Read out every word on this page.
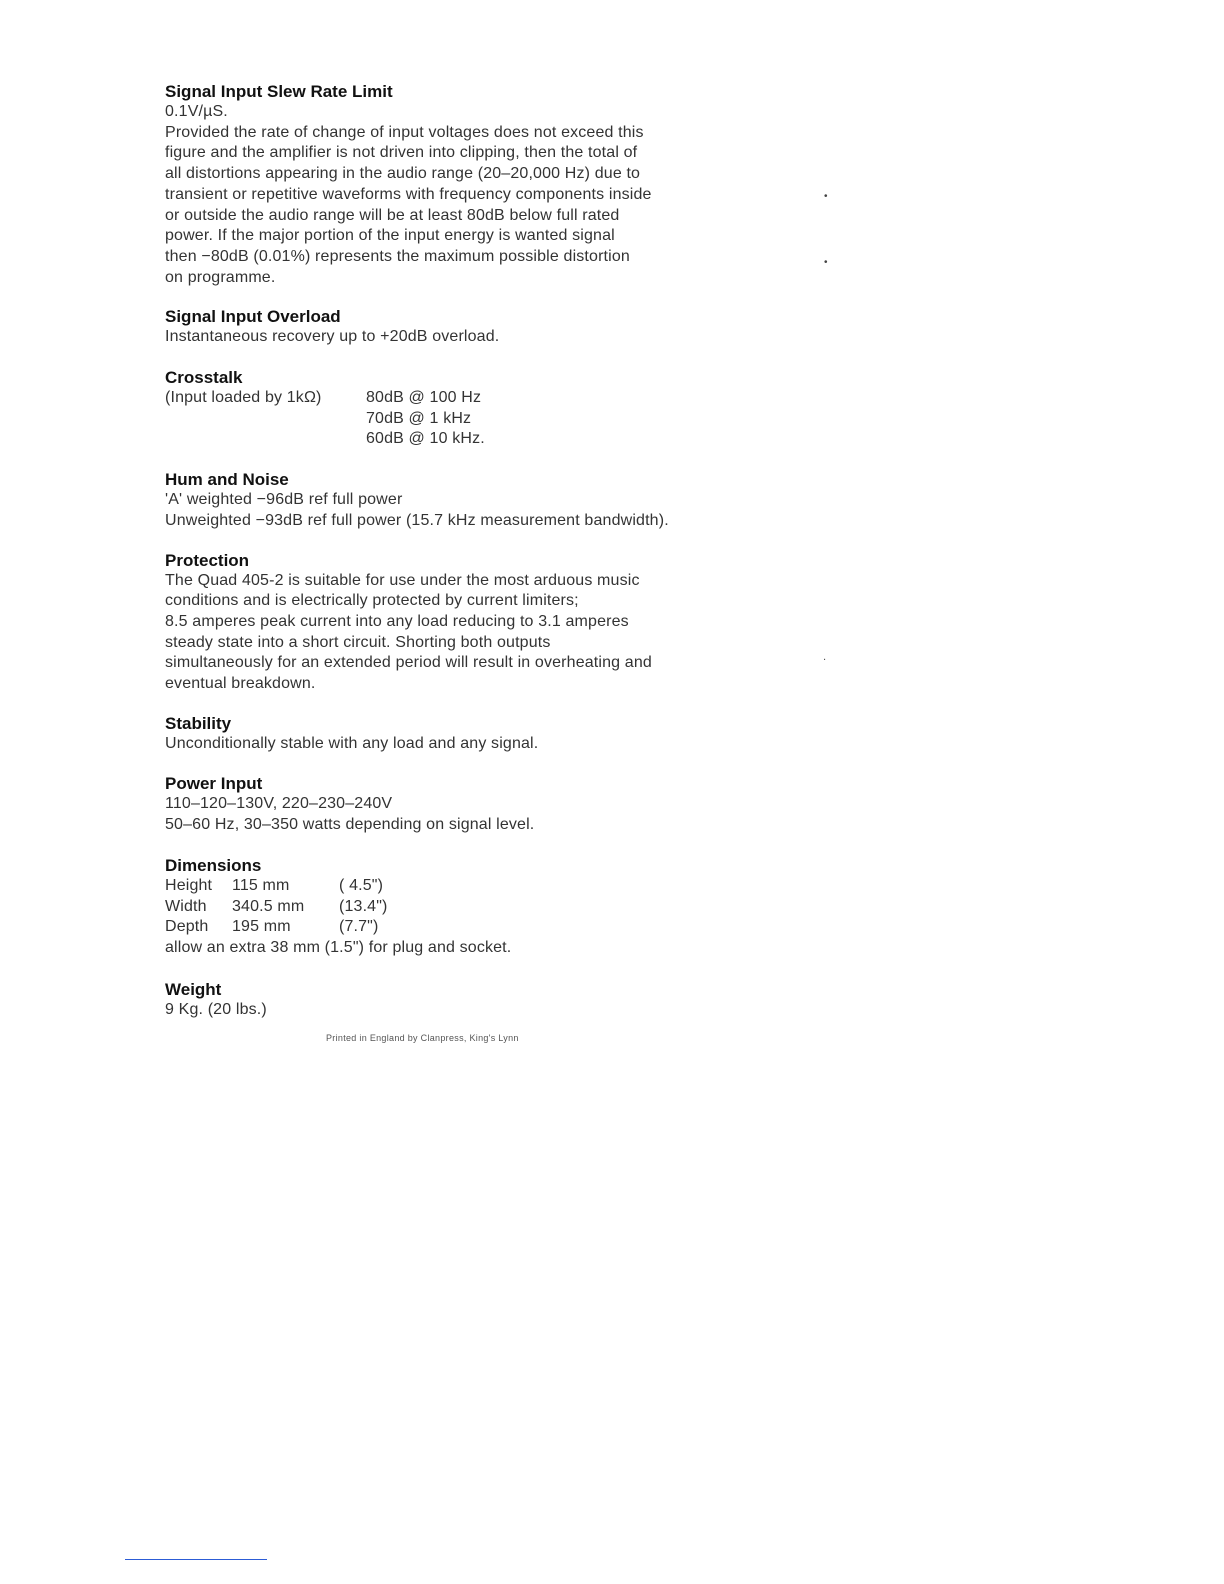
Signal Input Slew Rate Limit
0.1V/µS.
Provided the rate of change of input voltages does not exceed this
figure and the amplifier is not driven into clipping, then the total of
all distortions appearing in the audio range (20–20,000 Hz) due to
transient or repetitive waveforms with frequency components inside
or outside the audio range will be at least 80dB below full rated
power. If the major portion of the input energy is wanted signal
then −80dB (0.01%) represents the maximum possible distortion
on programme.
Signal Input Overload
Instantaneous recovery up to +20dB overload.
Crosstalk
(Input loaded by 1kΩ)	80dB @ 100 Hz
70dB @ 1 kHz
60dB @ 10 kHz.
Hum and Noise
'A' weighted −96dB ref full power
Unweighted −93dB ref full power (15.7 kHz measurement bandwidth).
Protection
The Quad 405-2 is suitable for use under the most arduous music
conditions and is electrically protected by current limiters;
8.5 amperes peak current into any load reducing to 3.1 amperes
steady state into a short circuit. Shorting both outputs
simultaneously for an extended period will result in overheating and
eventual breakdown.
Stability
Unconditionally stable with any load and any signal.
Power Input
110–120–130V, 220–230–240V
50–60 Hz, 30–350 watts depending on signal level.
Dimensions
Height	115 mm	( 4.5")
Width	340.5 mm	(13.4")
Depth	195 mm	(7.7")
allow an extra 38 mm (1.5") for plug and socket.
Weight
9 Kg. (20 lbs.)
Printed in England by Clanpress, King's Lynn
•
•
‧
